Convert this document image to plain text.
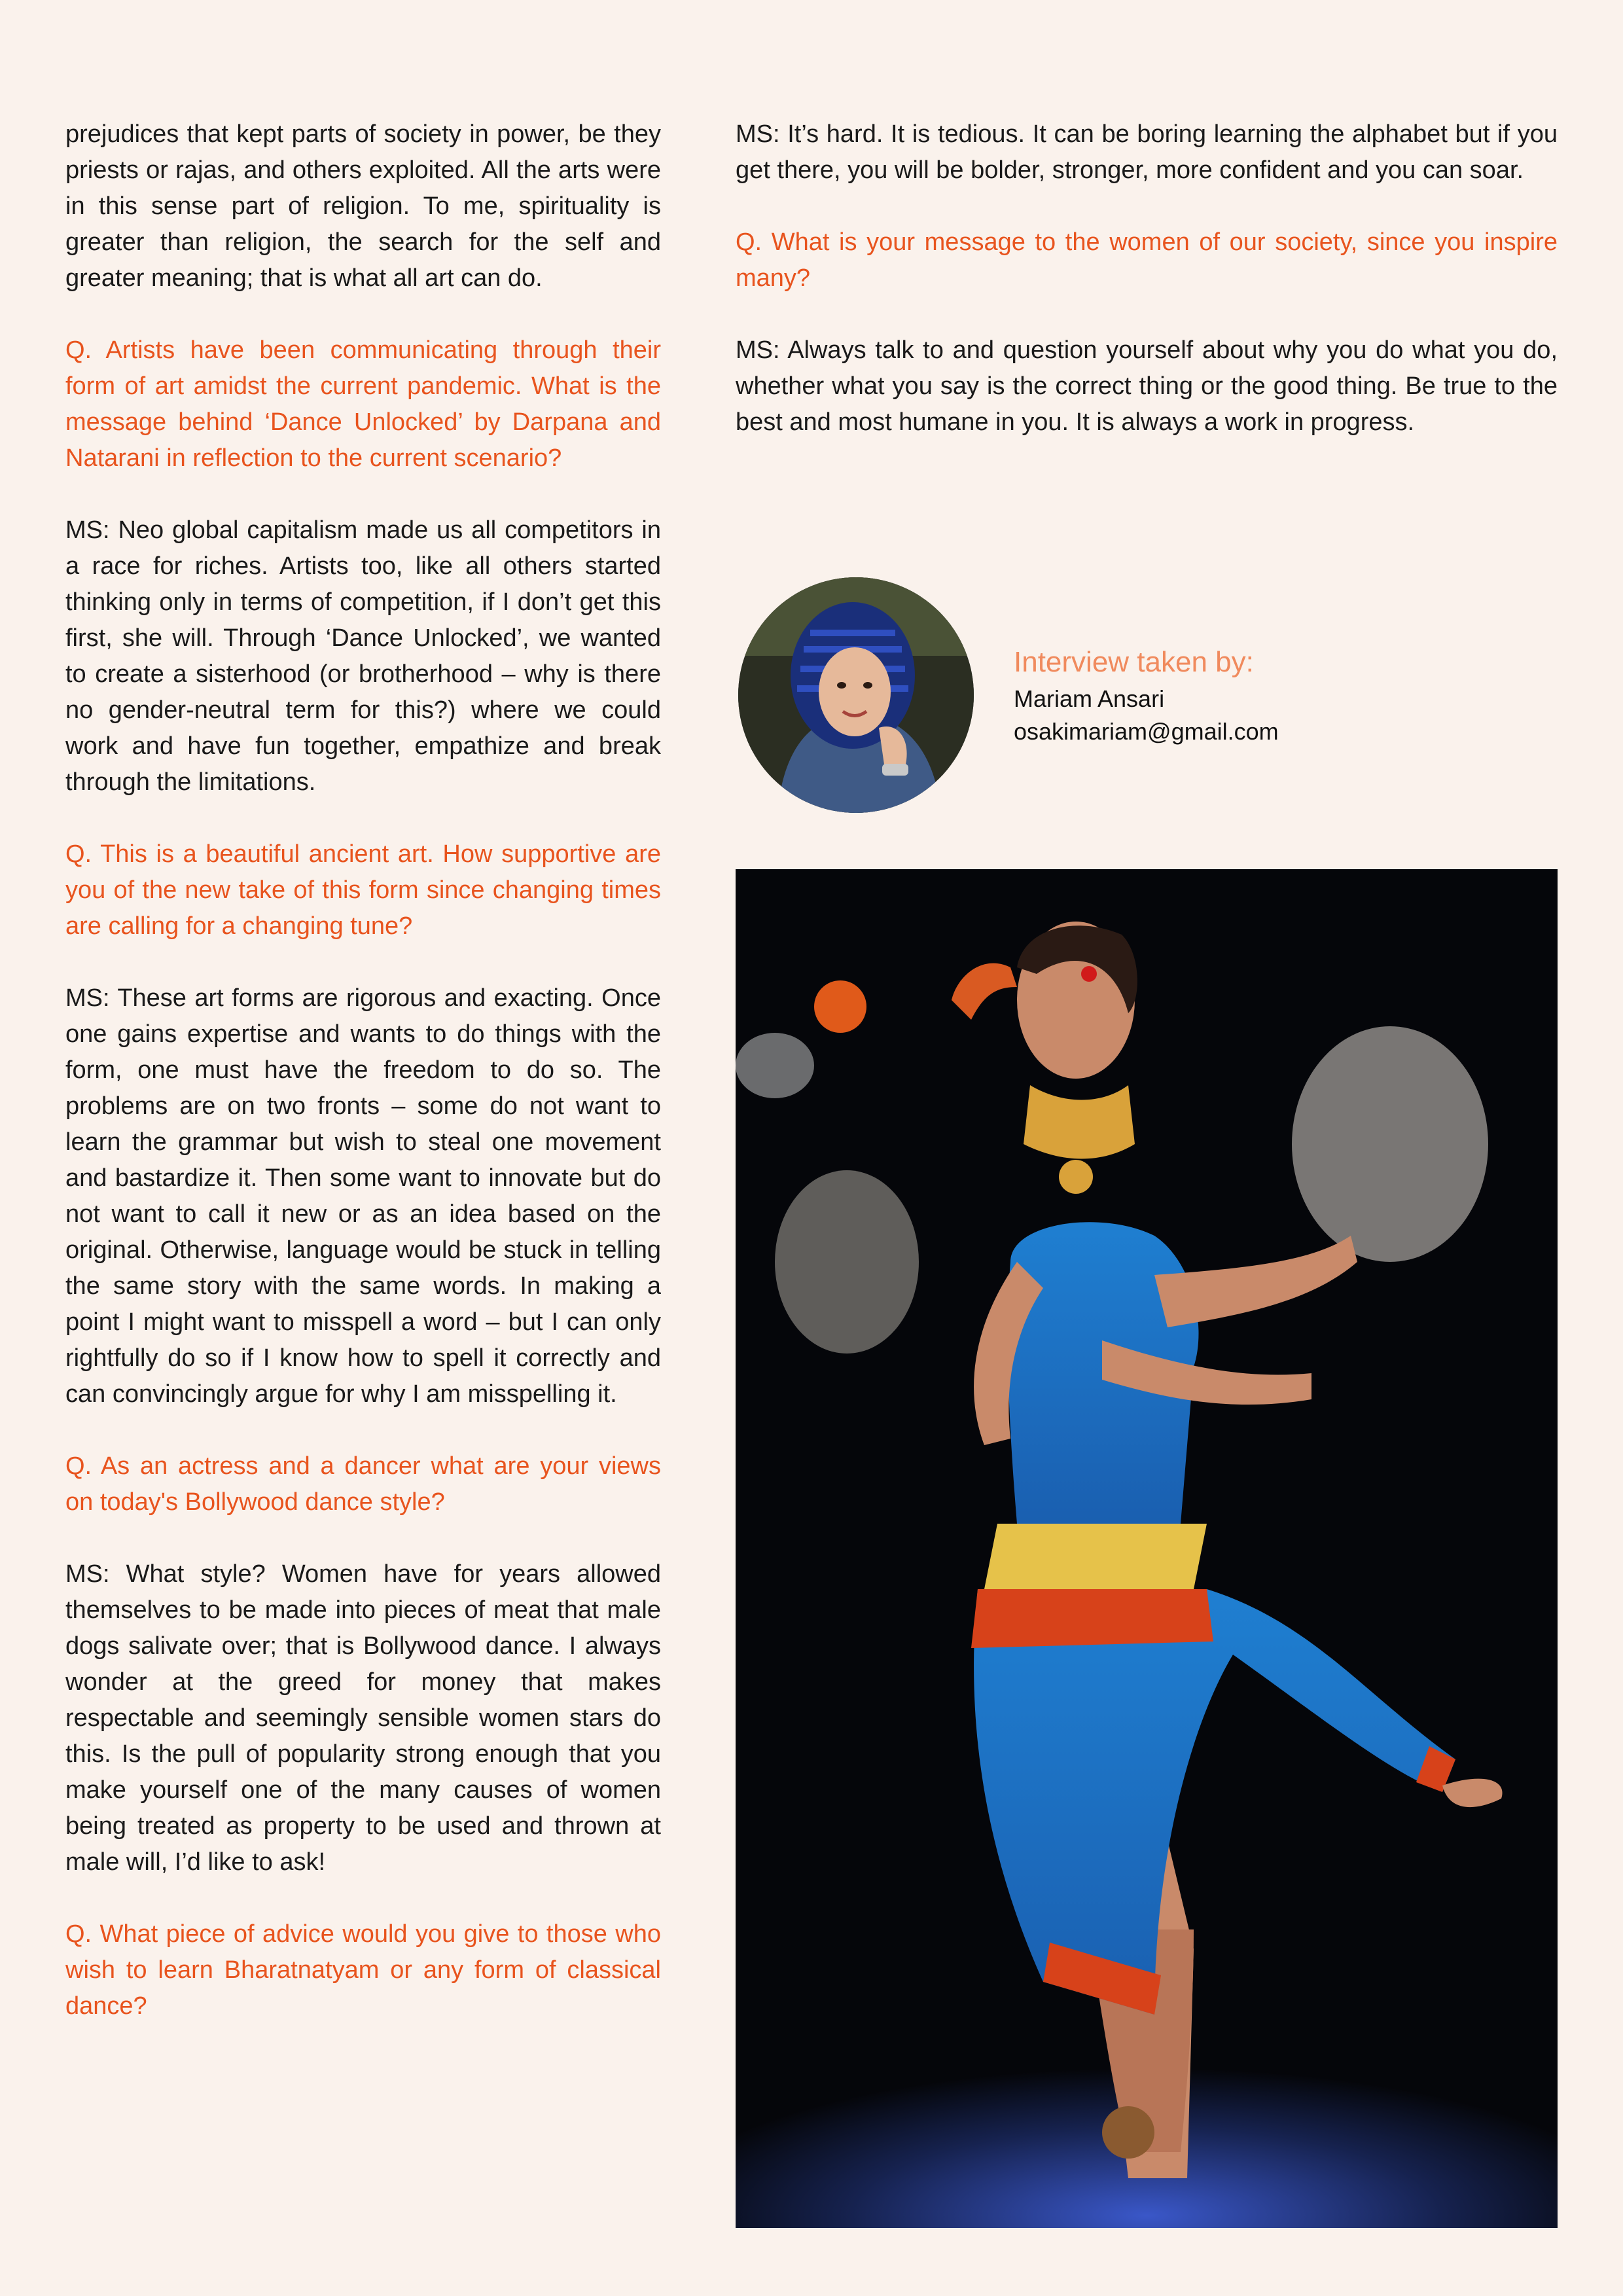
prejudices that kept parts of society in power, be they priests or rajas, and others exploited. All the arts were in this sense part of religion. To me, spirituality is greater than religion, the search for the self and greater meaning; that is what all art can do.

Q. Artists have been communicating through their form of art amidst the current pandemic. What is the message behind ‘Dance Unlocked’ by Darpana and Natarani in reflection to the current scenario?

MS: Neo global capitalism made us all competitors in a race for riches. Artists too, like all others started thinking only in terms of competition, if I don’t get this first, she will. Through ‘Dance Unlocked’, we wanted to create a sisterhood (or brotherhood – why is there no gender-neutral term for this?) where we could work and have fun together, empathize and break through the limitations.

Q. This is a beautiful ancient art. How supportive are you of the new take of this form since changing times are calling for a changing tune?

MS: These art forms are rigorous and exacting. Once one gains expertise and wants to do things with the form, one must have the freedom to do so. The problems are on two fronts – some do not want to learn the grammar but wish to steal one movement and bastardize it. Then some want to innovate but do not want to call it new or as an idea based on the original. Otherwise, language would be stuck in telling the same story with the same words. In making a point I might want to misspell a word – but I can only rightfully do so if I know how to spell it correctly and can convincingly argue for why I am misspelling it.

Q. As an actress and a dancer what are your views on today's Bollywood dance style?

MS: What style? Women have for years allowed themselves to be made into pieces of meat that male dogs salivate over; that is Bollywood dance. I always wonder at the greed for money that makes respectable and seemingly sensible women stars do this. Is the pull of popularity strong enough that you make yourself one of the many causes of women being treated as property to be used and thrown at male will, I’d like to ask!

Q. What piece of advice would you give to those who wish to learn Bharatnatyam or any form of classical dance?

MS: It’s hard. It is tedious. It can be boring learning the alphabet but if you get there, you will be bolder, stronger, more confident and you can soar.

Q. What is your message to the women of our society, since you inspire many?

MS: Always talk to and question yourself about why you do what you do, whether what you say is the correct thing or the good thing. Be true to the best and most humane in you. It is always a work in progress.

Interview taken by:

Mariam Ansari

osakimariam@gmail.com
